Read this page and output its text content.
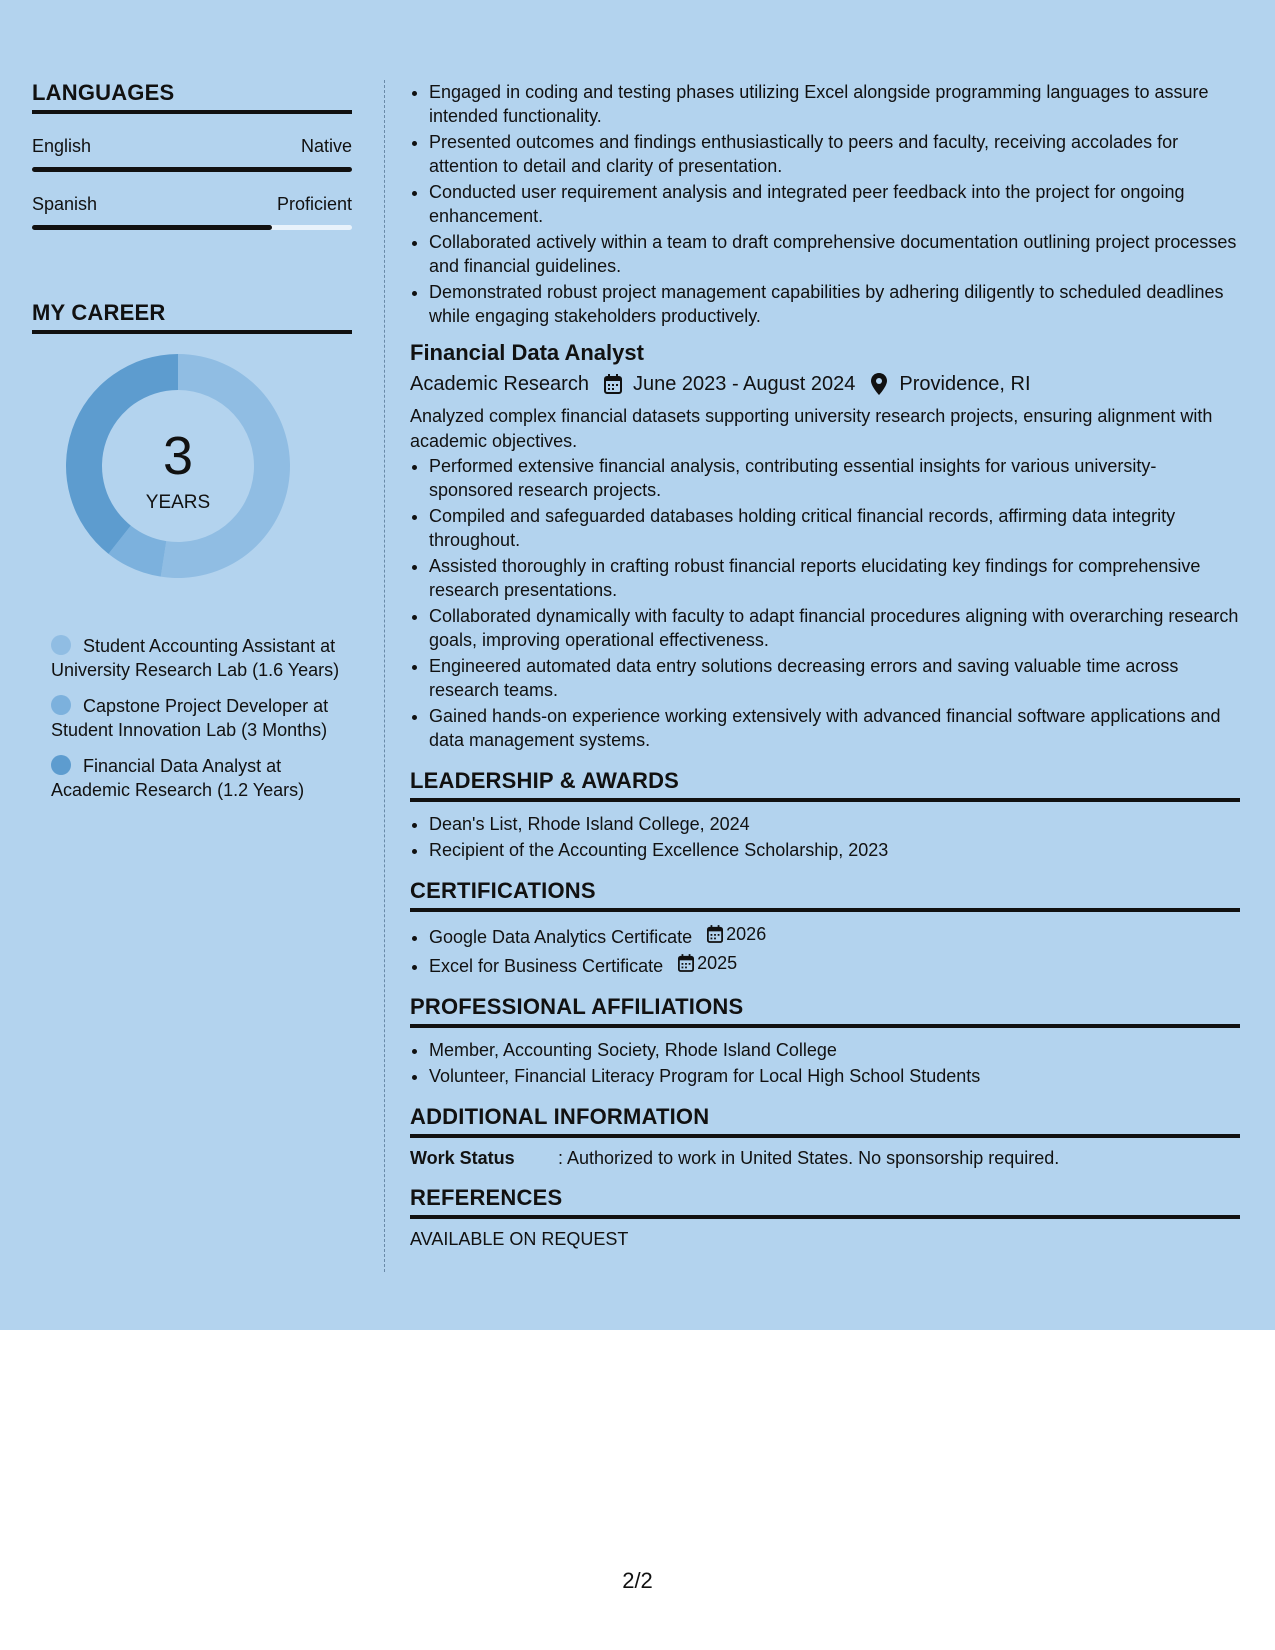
LANGUAGES
English	Native
Spanish	Proficient
MY CAREER
3
YEARS
Student Accounting Assistant at University Research Lab (1.6 Years)
Capstone Project Developer at Student Innovation Lab (3 Months)
Financial Data Analyst at Academic Research (1.2 Years)
• Engaged in coding and testing phases utilizing Excel alongside programming languages to assure intended functionality.
• Presented outcomes and findings enthusiastically to peers and faculty, receiving accolades for attention to detail and clarity of presentation.
• Conducted user requirement analysis and integrated peer feedback into the project for ongoing enhancement.
• Collaborated actively within a team to draft comprehensive documentation outlining project processes and financial guidelines.
• Demonstrated robust project management capabilities by adhering diligently to scheduled deadlines while engaging stakeholders productively.
Financial Data Analyst
Academic Research June 2023 - August 2024 Providence, RI
Analyzed complex financial datasets supporting university research projects, ensuring alignment with academic objectives.
• Performed extensive financial analysis, contributing essential insights for various university-sponsored research projects.
• Compiled and safeguarded databases holding critical financial records, affirming data integrity throughout.
• Assisted thoroughly in crafting robust financial reports elucidating key findings for comprehensive research presentations.
• Collaborated dynamically with faculty to adapt financial procedures aligning with overarching research goals, improving operational effectiveness.
• Engineered automated data entry solutions decreasing errors and saving valuable time across research teams.
• Gained hands-on experience working extensively with advanced financial software applications and data management systems.
LEADERSHIP & AWARDS
• Dean's List, Rhode Island College, 2024
• Recipient of the Accounting Excellence Scholarship, 2023
CERTIFICATIONS
• Google Data Analytics Certificate 2026
• Excel for Business Certificate 2025
PROFESSIONAL AFFILIATIONS
• Member, Accounting Society, Rhode Island College
• Volunteer, Financial Literacy Program for Local High School Students
ADDITIONAL INFORMATION
Work Status : Authorized to work in United States. No sponsorship required.
REFERENCES
AVAILABLE ON REQUEST
2/2
